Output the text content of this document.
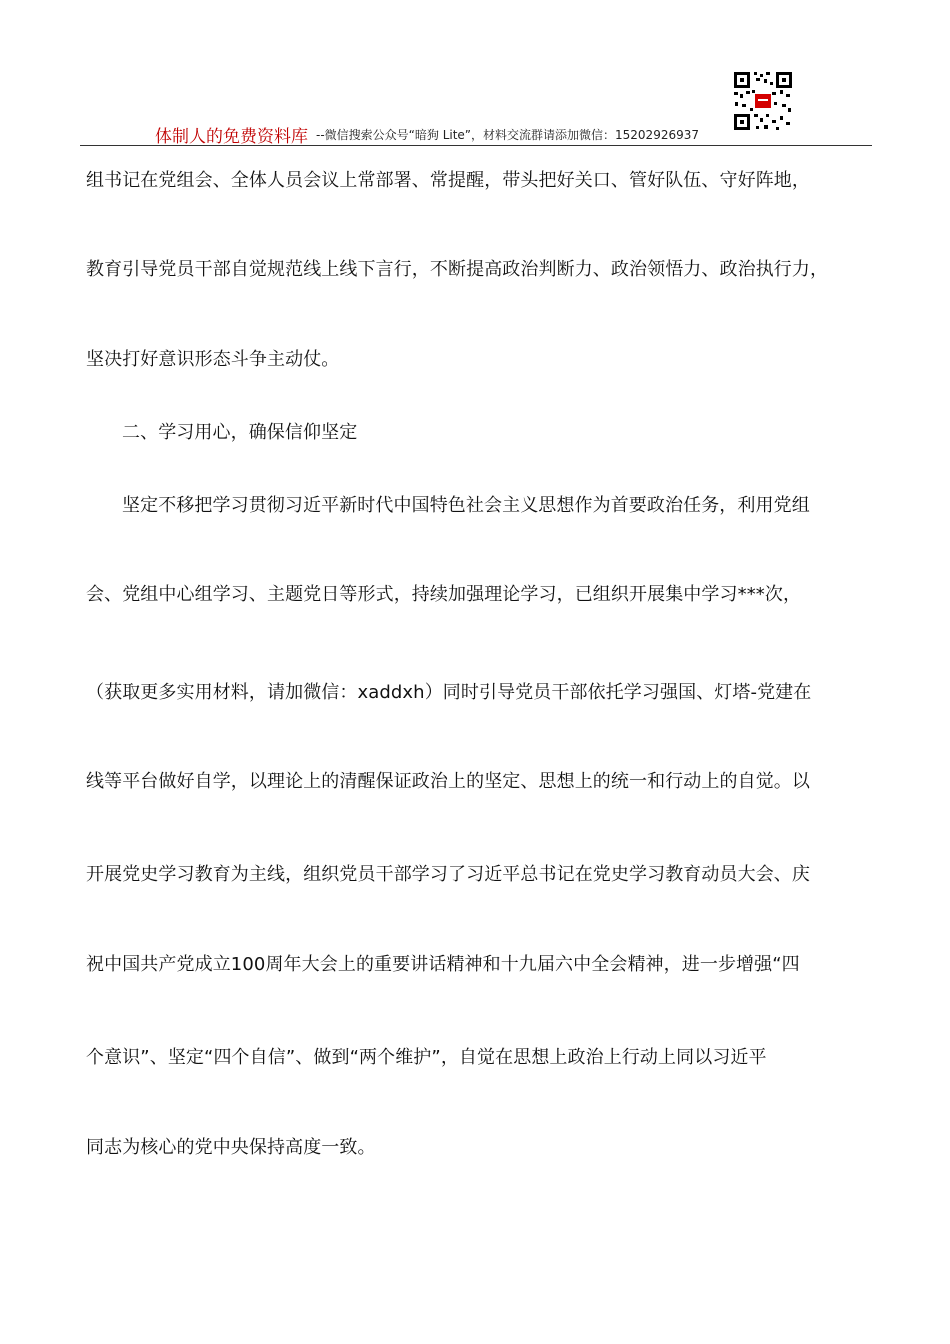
体制人的免费资料库 --微信搜索公众号“暗狗 Lite”，材料交流群请添加微信：15202926937
组书记在党组会、全体人员会议上常部署、常提醒，带头把好关口、管好队伍、守好阵地，
教育引导党员干部自觉规范线上线下言行，不断提高政治判断力、政治领悟力、政治执行力，
坚决打好意识形态斗争主动仗。
二、学习用心，确保信仰坚定
坚定不移把学习贯彻习近平新时代中国特色社会主义思想作为首要政治任务，利用党组
会、党组中心组学习、主题党日等形式，持续加强理论学习，已组织开展集中学习***次，
（获取更多实用材料，请加微信：xaddxh）同时引导党员干部依托学习强国、灯塔-党建在
线等平台做好自学，以理论上的清醒保证政治上的坚定、思想上的统一和行动上的自觉。以
开展党史学习教育为主线，组织党员干部学习了习近平总书记在党史学习教育动员大会、庆
祝中国共产党成立100周年大会上的重要讲话精神和十九届六中全会精神，进一步增强“四
个意识”、坚定“四个自信”、做到“两个维护”，自觉在思想上政治上行动上同以习近平
同志为核心的党中央保持高度一致。
